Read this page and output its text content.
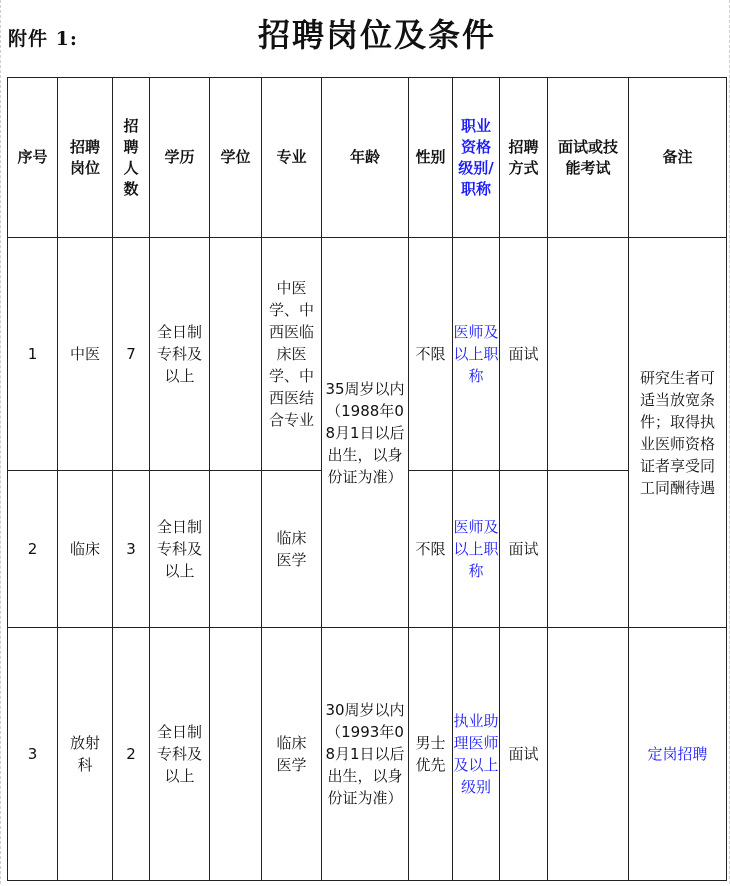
附件 1:	招聘岗位及条件
序号	招聘岗位	招聘人数	学历	学位	专业	年龄	性别	职业资格级别/职称	招聘方式	面试或技能考试	备注
1	中医	7	全日制专科及以上		中医学、中西医临床医学、中西医结合专业	35周岁以内（1988年08月1日以后出生，以身份证为准）	不限	医师及以上职称	面试		研究生者可适当放宽条件；取得执业医师资格证者享受同工同酬待遇

2	临床	3	全日制专科及以上		临床医学		不限	医师及以上职称	面试		
3	放射科	2	全日制专科及以上		临床医学	30周岁以内（1993年08月1日以后出生，以身份证为准）	男士优先	执业助理医师及以上级别	面试		定岗招聘
